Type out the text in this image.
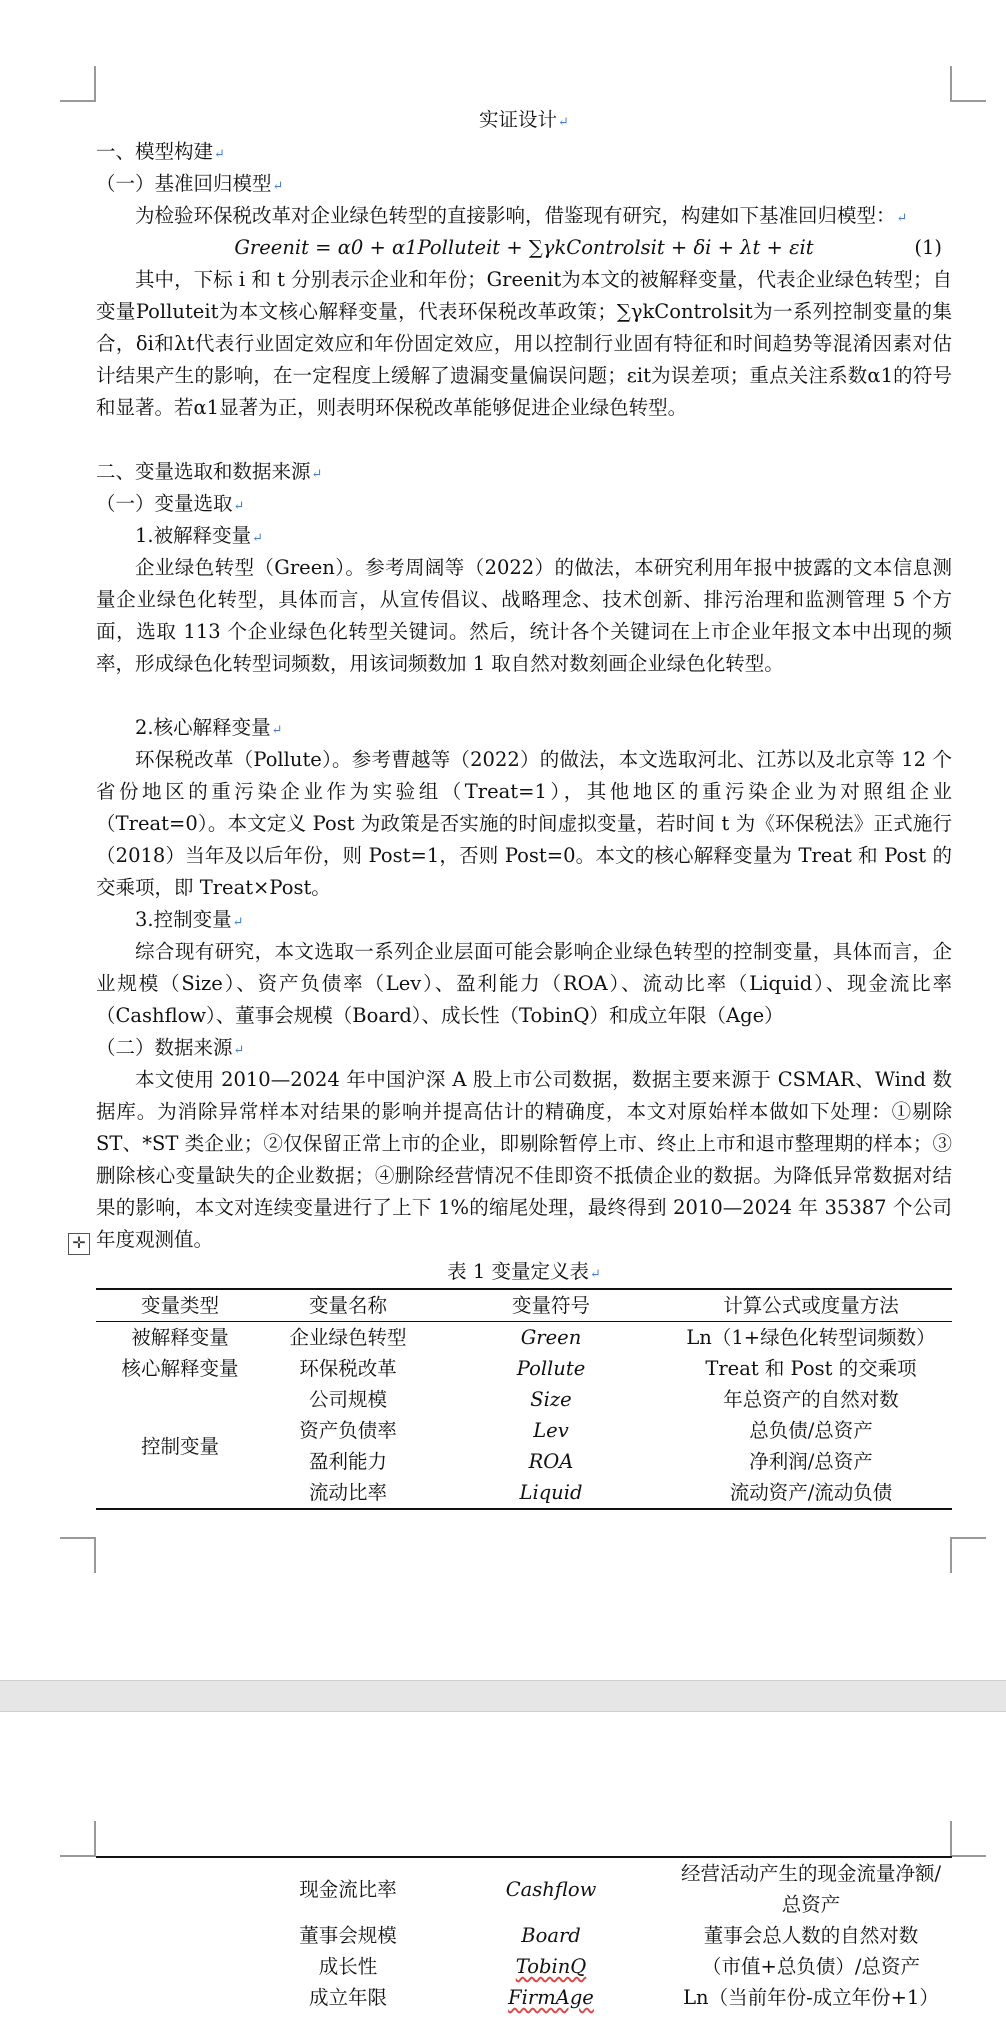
✛
实证设计↵
一、模型构建↵
（一）基准回归模型↵
为检验环保税改革对企业绿色转型的直接影响，借鉴现有研究，构建如下基准回归模型：↵
Greenit = α0 + α1Polluteit + ∑γkControlsit + δi + λt + εit	(1)
其中，下标 i 和 t 分别表示企业和年份；Greenit为本文的被解释变量，代表企业绿色转型；自变量Polluteit为本文核心解释变量，代表环保税改革政策；∑γkControlsit为一系列控制变量的集合，δi和λt代表行业固定效应和年份固定效应，用以控制行业固有特征和时间趋势等混淆因素对估计结果产生的影响，在一定程度上缓解了遗漏变量偏误问题；εit为误差项；重点关注系数α1的符号和显著。若α1显著为正，则表明环保税改革能够促进企业绿色转型。
二、变量选取和数据来源↵
（一）变量选取↵
1.被解释变量↵
企业绿色转型（Green）。参考周阔等（2022）的做法，本研究利用年报中披露的文本信息测量企业绿色化转型，具体而言，从宣传倡议、战略理念、技术创新、排污治理和监测管理 5 个方面，选取 113 个企业绿色化转型关键词。然后，统计各个关键词在上市企业年报文本中出现的频率，形成绿色化转型词频数，用该词频数加 1 取自然对数刻画企业绿色化转型。
2.核心解释变量↵
环保税改革（Pollute）。参考曹越等（2022）的做法，本文选取河北、江苏以及北京等 12 个省份地区的重污染企业作为实验组（Treat=1），其他地区的重污染企业为对照组企业（Treat=0）。本文定义 Post 为政策是否实施的时间虚拟变量，若时间 t 为《环保税法》正式施行（2018）当年及以后年份，则 Post=1，否则 Post=0。本文的核心解释变量为 Treat 和 Post 的交乘项，即 Treat×Post。
3.控制变量↵
综合现有研究，本文选取一系列企业层面可能会影响企业绿色转型的控制变量，具体而言，企业规模（Size）、资产负债率（Lev）、盈利能力（ROA）、流动比率（Liquid）、现金流比率（Cashflow）、董事会规模（Board）、成长性（TobinQ）和成立年限（Age）
（二）数据来源↵
本文使用 2010—2024 年中国沪深 A 股上市公司数据，数据主要来源于 CSMAR、Wind 数据库。为消除异常样本对结果的影响并提高估计的精确度，本文对原始样本做如下处理：①剔除 ST、*ST 类企业；②仅保留正常上市的企业，即剔除暂停上市、终止上市和退市整理期的样本；③删除核心变量缺失的企业数据；④删除经营情况不佳即资不抵债企业的数据。为降低异常数据对结果的影响，本文对连续变量进行了上下 1%的缩尾处理，最终得到 2010—2024 年 35387 个公司年度观测值。
表 1 变量定义表↵
变量类型	变量名称	变量符号	计算公式或度量方法
被解释变量	企业绿色转型	Green	Ln（1+绿色化转型词频数）
核心解释变量	环保税改革	Pollute	Treat 和 Post 的交乘项
控制变量	公司规模	Size	年总资产的自然对数
	资产负债率	Lev	总负债/总资产
	盈利能力	ROA	净利润/总资产
	流动比率	Liquid	流动资产/流动负债
	现金流比率	Cashflow	经营活动产生的现金流量净额/总资产
	董事会规模	Board	董事会总人数的自然对数
	成长性	TobinQ	（市值+总负债）/总资产
	成立年限	FirmAge	Ln（当前年份-成立年份+1）
